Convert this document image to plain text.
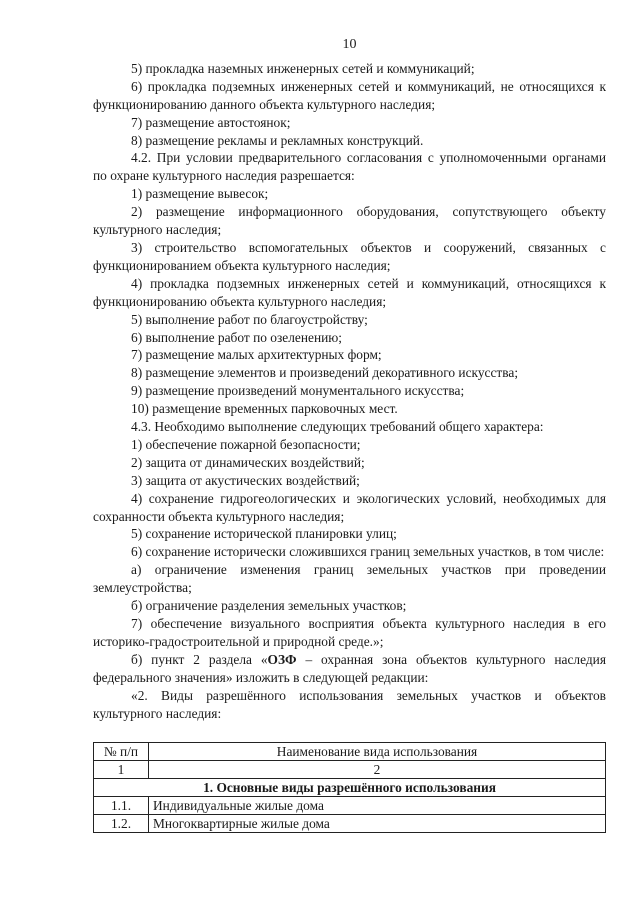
10

5) прокладка наземных инженерных сетей и коммуникаций;

6) прокладка подземных инженерных сетей и коммуникаций, не относящихся к функционированию данного объекта культурного наследия;

7) размещение автостоянок;

8) размещение рекламы и рекламных конструкций.

4.2. При условии предварительного согласования с уполномоченными органами по охране культурного наследия разрешается:

1) размещение вывесок;

2) размещение информационного оборудования, сопутствующего объекту культурного наследия;

3) строительство вспомогательных объектов и сооружений, связанных с функционированием объекта культурного наследия;

4) прокладка подземных инженерных сетей и коммуникаций, относящихся к функционированию объекта культурного наследия;

5) выполнение работ по благоустройству;

6) выполнение работ по озеленению;

7) размещение малых архитектурных форм;

8) размещение элементов и произведений декоративного искусства;

9) размещение произведений монументального искусства;

10) размещение временных парковочных мест.

4.3. Необходимо выполнение следующих требований общего характера:

1) обеспечение пожарной безопасности;

2) защита от динамических воздействий;

3) защита от акустических воздействий;

4) сохранение гидрогеологических и экологических условий, необходимых для сохранности объекта культурного наследия;

5) сохранение исторической планировки улиц;

6) сохранение исторически сложившихся границ земельных участков, в том числе:

а) ограничение изменения границ земельных участков при проведении землеустройства;

б) ограничение разделения земельных участков;

7) обеспечение визуального восприятия объекта культурного наследия в его историко-градостроительной и природной среде.»;

б) пункт 2 раздела «ОЗФ – охранная зона объектов культурного наследия федерального значения» изложить в следующей редакции:

«2. Виды разрешённого использования земельных участков и объектов культурного наследия:

№ п/п	Наименование вида использования
1	2
1. Основные виды разрешённого использования	
1.1.	Индивидуальные жилые дома
1.2.	Многоквартирные жилые дома
